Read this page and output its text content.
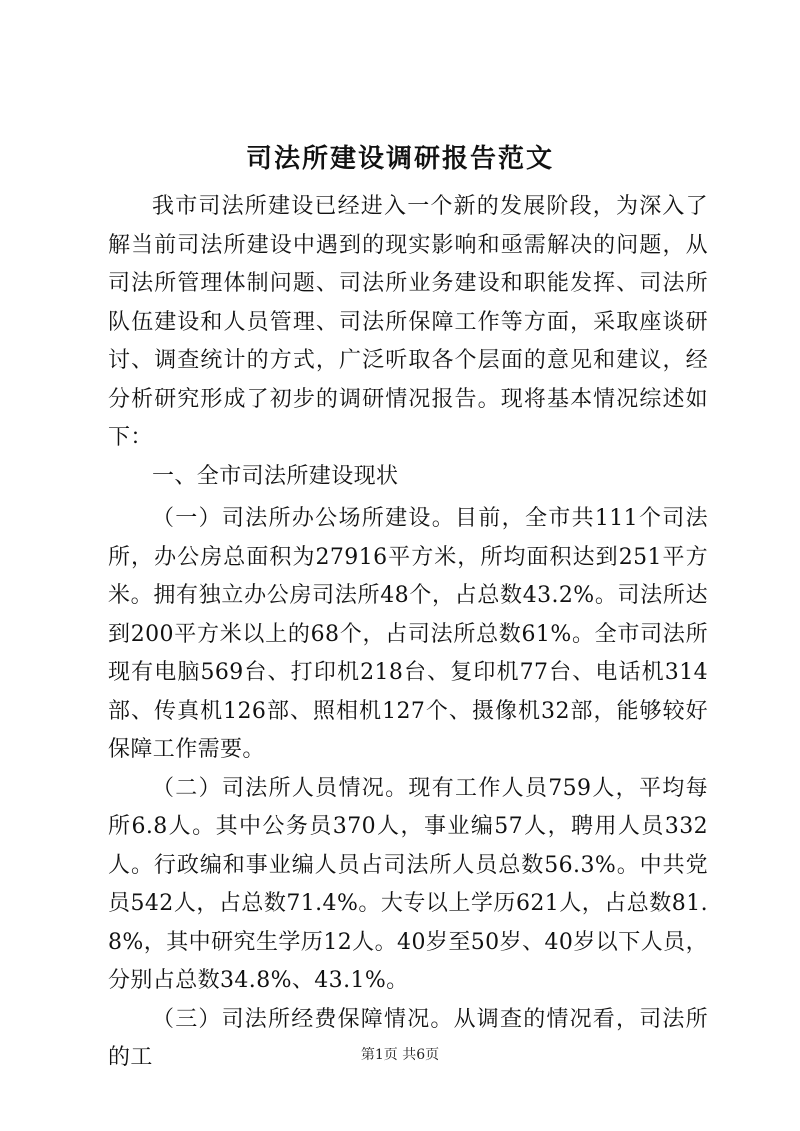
司法所建设调研报告范文

我市司法所建设已经进入一个新的发展阶段，为深入了解当前司法所建设中遇到的现实影响和亟需解决的问题，从司法所管理体制问题、司法所业务建设和职能发挥、司法所队伍建设和人员管理、司法所保障工作等方面，采取座谈研讨、调查统计的方式，广泛听取各个层面的意见和建议，经分析研究形成了初步的调研情况报告。现将基本情况综述如下：

一、全市司法所建设现状

（一）司法所办公场所建设。目前，全市共111个司法所，办公房总面积为27916平方米，所均面积达到251平方米。拥有独立办公房司法所48个，占总数43.2%。司法所达到200平方米以上的68个，占司法所总数61%。全市司法所现有电脑569台、打印机218台、复印机77台、电话机314部、传真机126部、照相机127个、摄像机32部，能够较好保障工作需要。

（二）司法所人员情况。现有工作人员759人，平均每所6.8人。其中公务员370人，事业编57人，聘用人员332人。行政编和事业编人员占司法所人员总数56.3%。中共党员542人，占总数71.4%。大专以上学历621人，占总数81.8%，其中研究生学历12人。40岁至50岁、40岁以下人员，分别占总数34.8%、43.1%。

（三）司法所经费保障情况。从调查的情况看，司法所的工	第1页 共6页
